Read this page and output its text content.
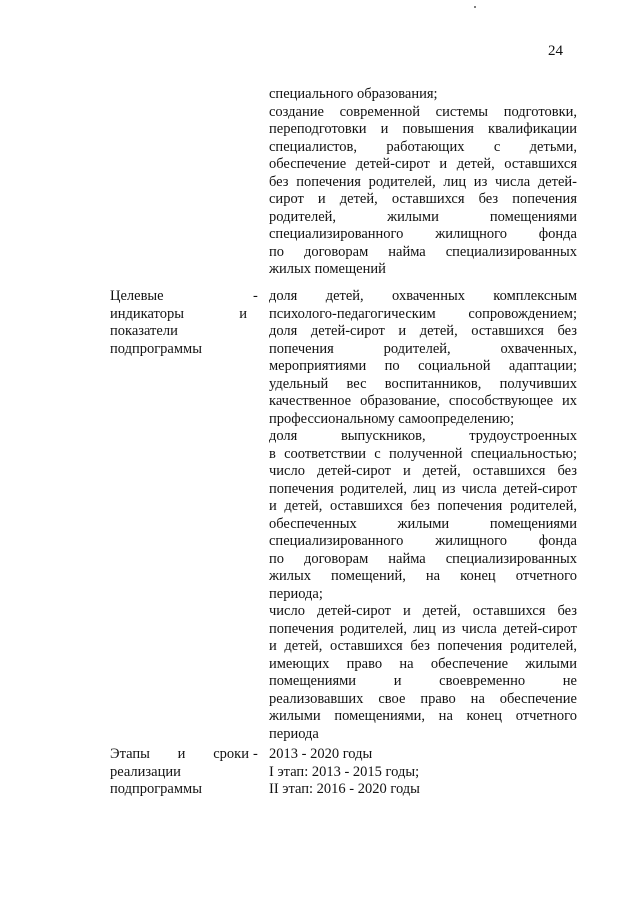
24
специального образования;
создание современной системы подготовки,
переподготовки и повышения квалификации
специалистов, работающих с детьми,
обеспечение детей-сирот и детей, оставшихся
без попечения родителей, лиц из числа детей-
сирот и детей, оставшихся без попечения
родителей, жилыми помещениями
специализированного жилищного фонда
по договорам найма специализированных
жилых помещений
Целевые
индикаторы	и
показатели
подпрограммы
- доля детей, охваченных комплексным
психолого-педагогическим сопровождением;
доля детей-сирот и детей, оставшихся без
попечения родителей, охваченных,
мероприятиями по социальной адаптации;
удельный вес воспитанников, получивших
качественное образование, способствующее их
профессиональному самоопределению;
доля выпускников, трудоустроенных
в соответствии с полученной специальностью;
число детей-сирот и детей, оставшихся без
попечения родителей, лиц из числа детей-сирот
и детей, оставшихся без попечения родителей,
обеспеченных жилыми помещениями
специализированного жилищного фонда
по договорам найма специализированных
жилых помещений, на конец отчетного
периода;
число детей-сирот и детей, оставшихся без
попечения родителей, лиц из числа детей-сирот
и детей, оставшихся без попечения родителей,
имеющих право на обеспечение жилыми
помещениями и своевременно не
реализовавших свое право на обеспечение
жилыми помещениями, на конец отчетного
периода
Этапы и сроки
реализации
подпрограммы
- 2013 - 2020 годы
I этап: 2013 - 2015 годы;
II этап: 2016 - 2020 годы
